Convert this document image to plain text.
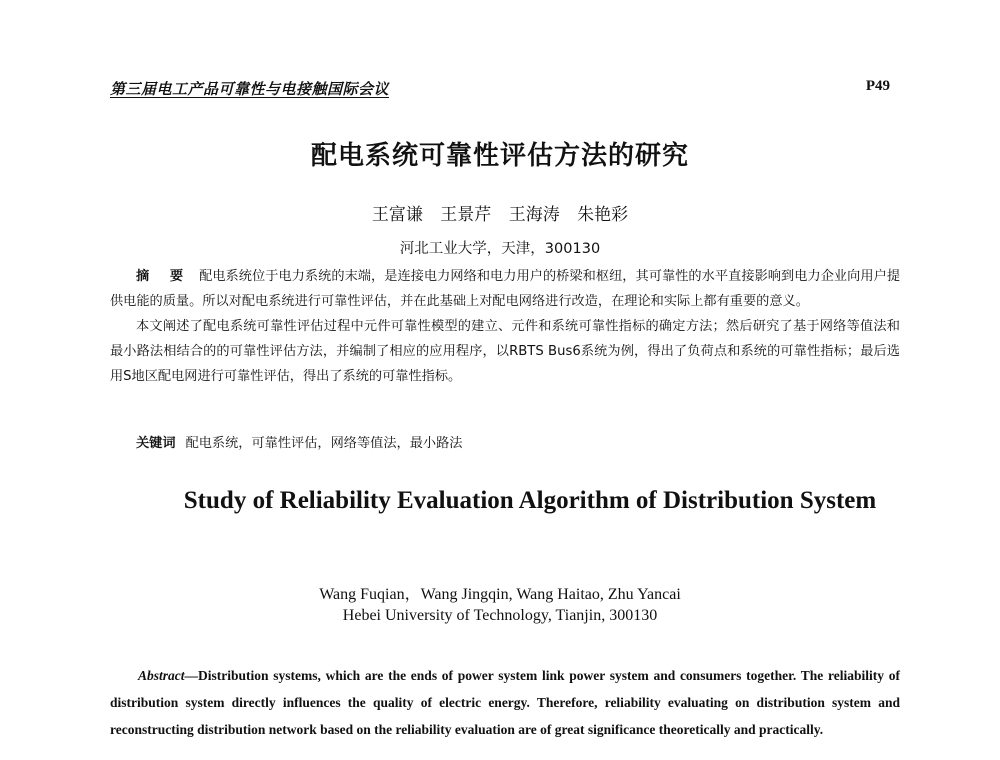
第三届电工产品可靠性与电接触国际会议	P49
配电系统可靠性评估方法的研究
王富谦 王景芹 王海涛 朱艳彩
河北工业大学，天津，300130

摘 要 配电系统位于电力系统的末端，是连接电力网络和电力用户的桥梁和枢纽，其可靠性的水平直接影响到电力企业向用户提供电能的质量。所以对配电系统进行可靠性评估，并在此基础上对配电网络进行改造，在理论和实际上都有重要的意义。

本文阐述了配电系统可靠性评估过程中元件可靠性模型的建立、元件和系统可靠性指标的确定方法；然后研究了基于网络等值法和最小路法相结合的的可靠性评估方法，并编制了相应的应用程序，以RBTS Bus6系统为例，得出了负荷点和系统的可靠性指标；最后选用S地区配电网进行可靠性评估，得出了系统的可靠性指标。

关键词 配电系统，可靠性评估，网络等值法，最小路法
Study of Reliability Evaluation Algorithm of Distribution System
Wang Fuqian，Wang Jingqin, Wang Haitao, Zhu Yancai
Hebei University of Technology, Tianjin, 300130
Abstract—Distribution systems, which are the ends of power system link power system and consumers together. The reliability of distribution system directly influences the quality of electric energy. Therefore, reliability evaluating on distribution system and reconstructing distribution network based on the reliability evaluation are of great significance theoretically and practically.
